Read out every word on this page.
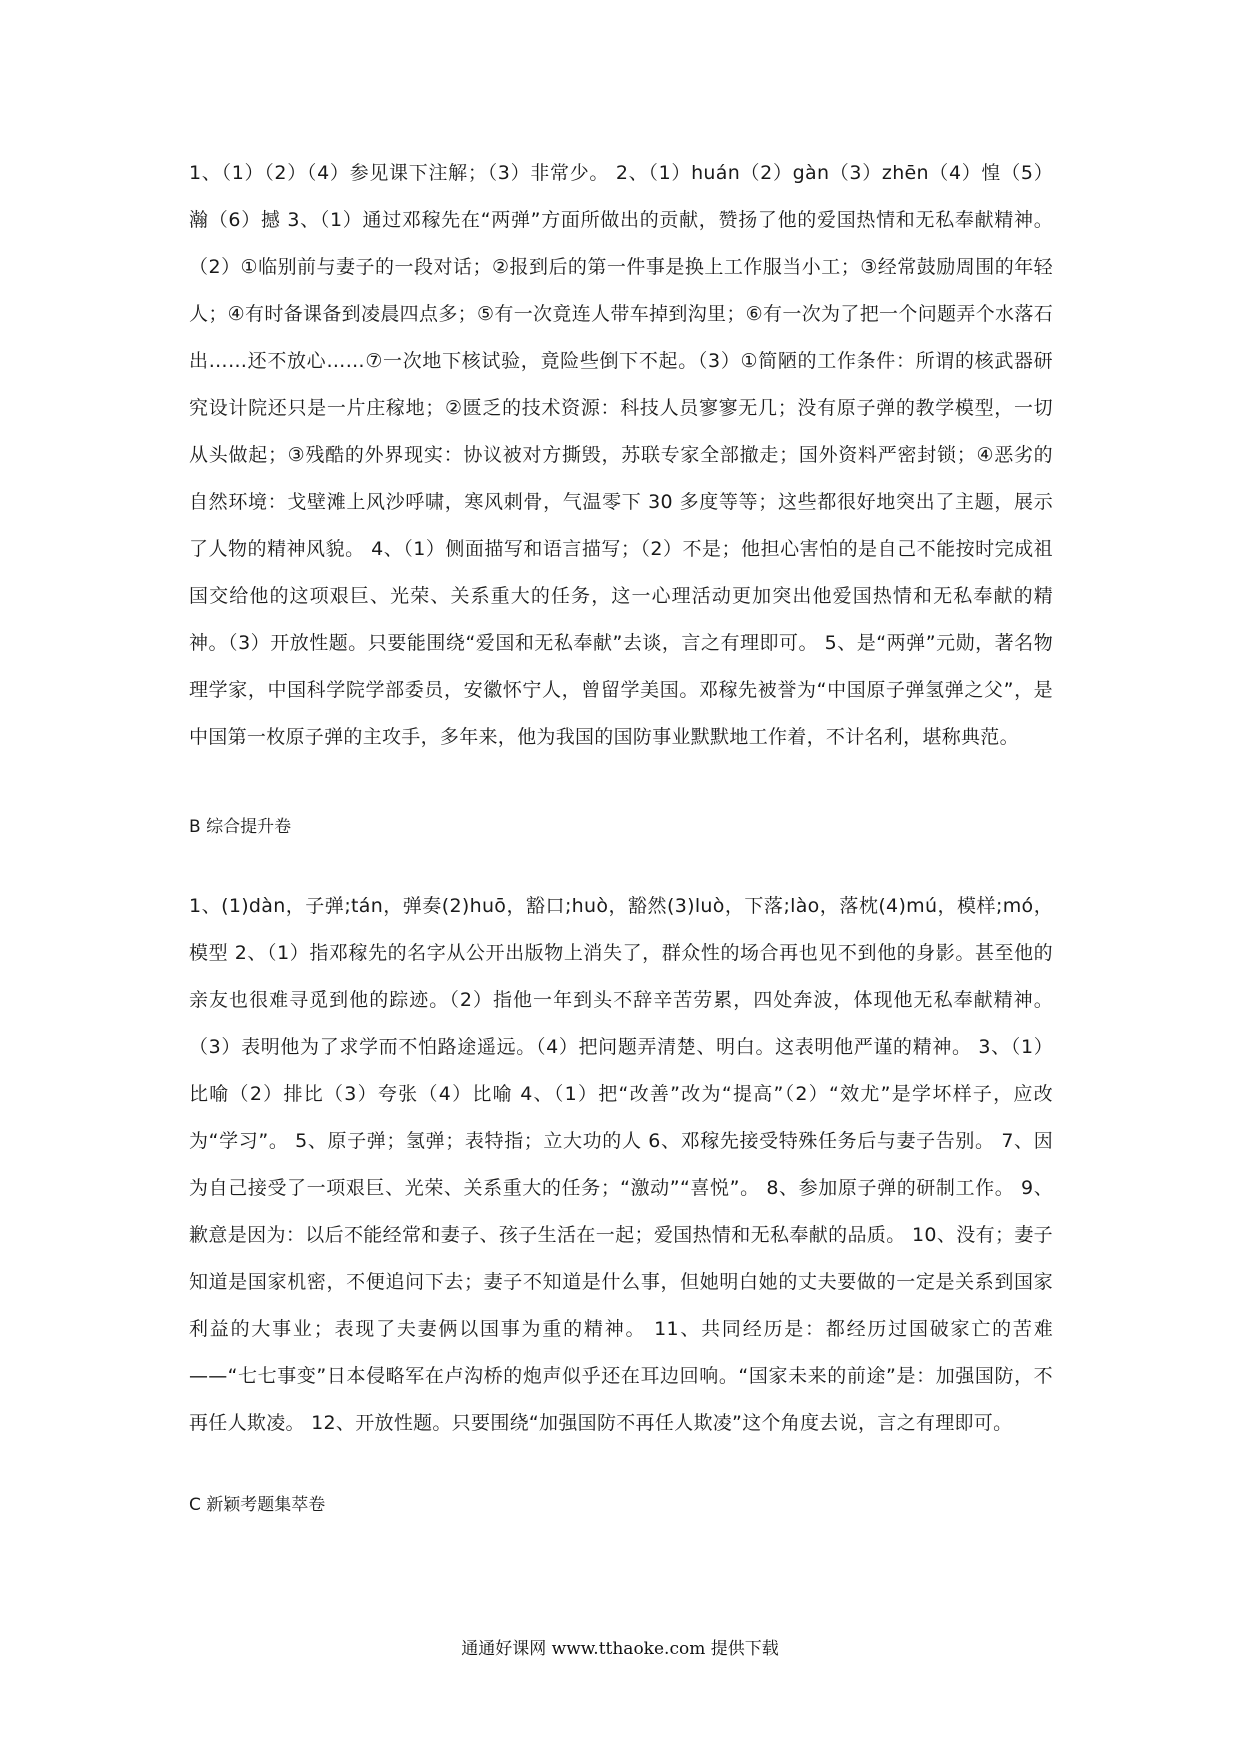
1、（1）（2）（4）参见课下注解；（3）非常少。 2、（1）huán（2）gàn（3）zhēn（4）惶（5）瀚（6）撼 3、（1）通过邓稼先在“两弹”方面所做出的贡献，赞扬了他的爱国热情和无私奉献精神。（2）①临别前与妻子的一段对话；②报到后的第一件事是换上工作服当小工；③经常鼓励周围的年轻人；④有时备课备到凌晨四点多；⑤有一次竟连人带车掉到沟里；⑥有一次为了把一个问题弄个水落石出……还不放心……⑦一次地下核试验，竟险些倒下不起。（3）①简陋的工作条件：所谓的核武器研究设计院还只是一片庄稼地；②匮乏的技术资源：科技人员寥寥无几；没有原子弹的教学模型，一切从头做起；③残酷的外界现实：协议被对方撕毁，苏联专家全部撤走；国外资料严密封锁；④恶劣的自然环境：戈壁滩上风沙呼啸，寒风刺骨，气温零下 30 多度等等；这些都很好地突出了主题，展示了人物的精神风貌。 4、（1）侧面描写和语言描写；（2）不是；他担心害怕的是自己不能按时完成祖国交给他的这项艰巨、光荣、关系重大的任务，这一心理活动更加突出他爱国热情和无私奉献的精神。（3）开放性题。只要能围绕“爱国和无私奉献”去谈，言之有理即可。 5、是“两弹”元勋，著名物理学家，中国科学院学部委员，安徽怀宁人，曾留学美国。邓稼先被誉为“中国原子弹氢弹之父”，是中国第一枚原子弹的主攻手，多年来，他为我国的国防事业默默地工作着，不计名利，堪称典范。

B 综合提升卷

1、(1)dàn，子弹;tán，弹奏(2)huō，豁口;huò，豁然(3)luò，下落;lào，落枕(4)mú，模样;mó，模型 2、（1）指邓稼先的名字从公开出版物上消失了，群众性的场合再也见不到他的身影。甚至他的亲友也很难寻觅到他的踪迹。（2）指他一年到头不辞辛苦劳累，四处奔波，体现他无私奉献精神。（3）表明他为了求学而不怕路途遥远。（4）把问题弄清楚、明白。这表明他严谨的精神。 3、（1）比喻（2）排比（3）夸张（4）比喻 4、（1）把“改善”改为“提高”（2）“效尤”是学坏样子，应改为“学习”。 5、原子弹；氢弹；表特指；立大功的人 6、邓稼先接受特殊任务后与妻子告别。 7、因为自己接受了一项艰巨、光荣、关系重大的任务；“激动”“喜悦”。 8、参加原子弹的研制工作。 9、歉意是因为：以后不能经常和妻子、孩子生活在一起；爱国热情和无私奉献的品质。 10、没有；妻子知道是国家机密，不便追问下去；妻子不知道是什么事，但她明白她的丈夫要做的一定是关系到国家利益的大事业；表现了夫妻俩以国事为重的精神。 11、共同经历是：都经历过国破家亡的苦难——“七七事变”日本侵略军在卢沟桥的炮声似乎还在耳边回响。“国家未来的前途”是：加强国防，不再任人欺凌。 12、开放性题。只要围绕“加强国防不再任人欺凌”这个角度去说，言之有理即可。

C 新颖考题集萃卷
通通好课网 www.tthaoke.com 提供下载
